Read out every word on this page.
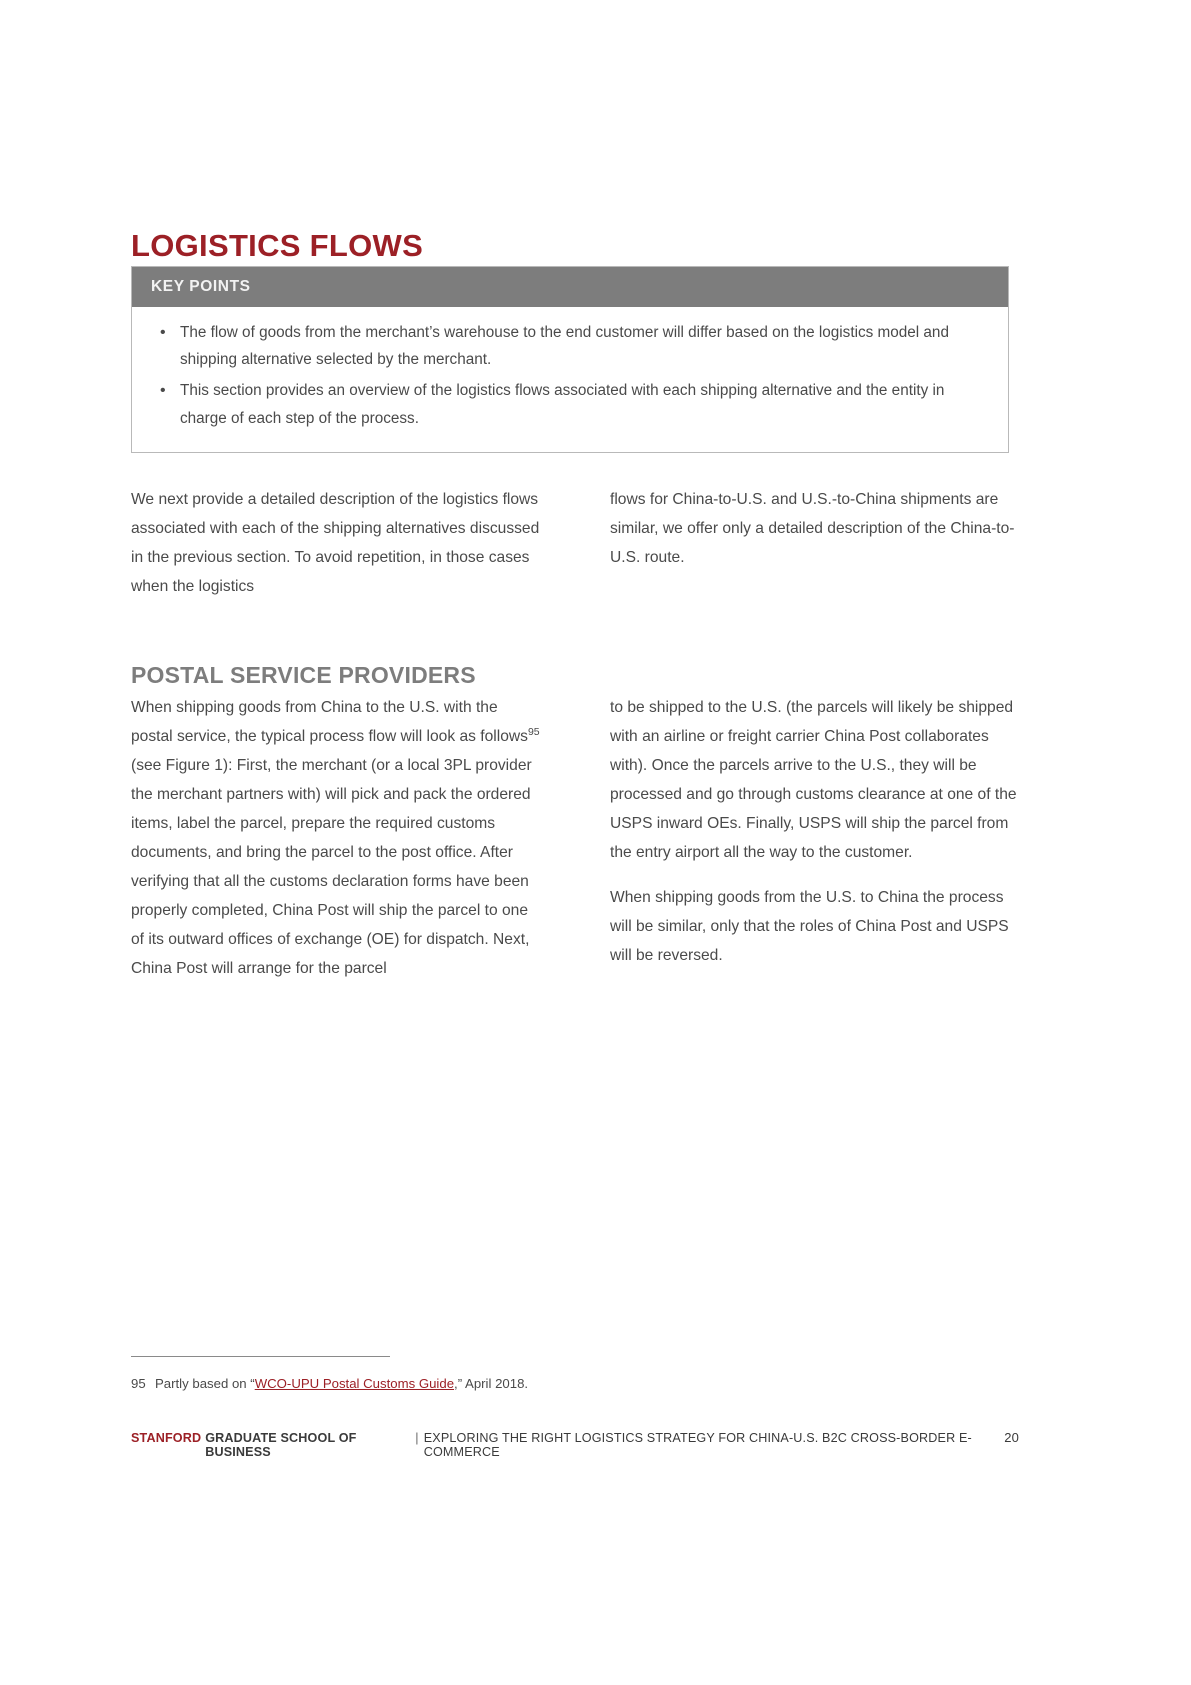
LOGISTICS FLOWS
KEY POINTS
• The flow of goods from the merchant’s warehouse to the end customer will differ based on the logistics model and shipping alternative selected by the merchant.
• This section provides an overview of the logistics flows associated with each shipping alternative and the entity in charge of each step of the process.

We next provide a detailed description of the logistics flows associated with each of the shipping alternatives discussed in the previous section. To avoid repetition, in those cases when the logistics

flows for China-to-U.S. and U.S.-to-China shipments are similar, we offer only a detailed description of the China-to-U.S. route.

POSTAL SERVICE PROVIDERS

When shipping goods from China to the U.S. with the postal service, the typical process flow will look as follows$^{95}$ (see Figure 1): First, the merchant (or a local 3PL provider the merchant partners with) will pick and pack the ordered items, label the parcel, prepare the required customs documents, and bring the parcel to the post office. After verifying that all the customs declaration forms have been properly completed, China Post will ship the parcel to one of its outward offices of exchange (OE) for dispatch. Next, China Post will arrange for the parcel

to be shipped to the U.S. (the parcels will likely be shipped with an airline or freight carrier China Post collaborates with). Once the parcels arrive to the U.S., they will be processed and go through customs clearance at one of the USPS inward OEs. Finally, USPS will ship the parcel from the entry airport all the way to the customer.

When shipping goods from the U.S. to China the process will be similar, only that the roles of China Post and USPS will be reversed.

95 Partly based on “WCO-UPU Postal Customs Guide,” April 2018.
STANFORD GRADUATE SCHOOL OF BUSINESS
| EXPLORING THE RIGHT LOGISTICS STRATEGY FOR CHINA-U.S. B2C CROSS-BORDER E-COMMERCE
20
